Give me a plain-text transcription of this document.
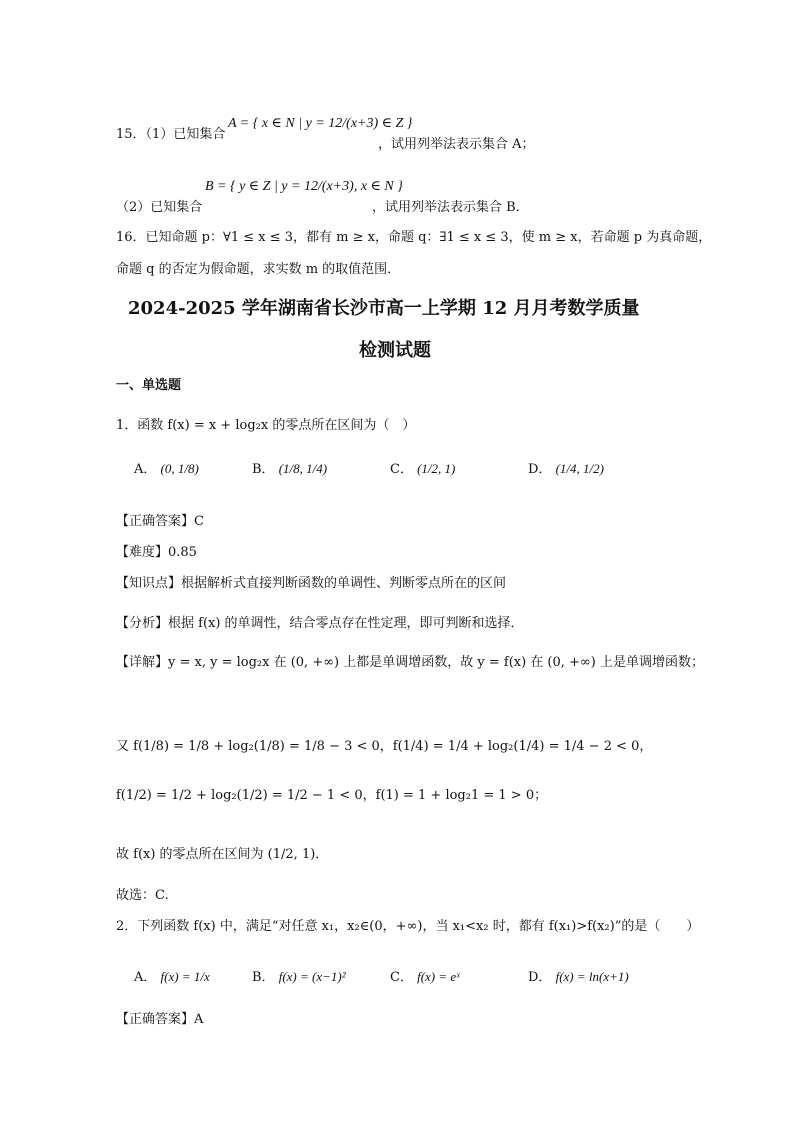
15．（1）已知集合
A = { x ∈ N | y = 12/(x+3) ∈ Z }
，试用列举法表示集合 A；
（2）已知集合
B = { y ∈ Z | y = 12/(x+3), x ∈ N }
，试用列举法表示集合 B．
16．已知命题 p：∀1 ≤ x ≤ 3，都有 m ≥ x，命题 q：∃1 ≤ x ≤ 3，使 m ≥ x，若命题 p 为真命题，
命题 q 的否定为假命题，求实数 m 的取值范围．
2024-2025 学年湖南省长沙市高一上学期 12 月月考数学质量
检测试题
一、单选题
1．函数 f(x) = x + log₂x 的零点所在区间为（　）
A． (0, 1/8)	B． (1/8, 1/4)	C． (1/2, 1)	D． (1/4, 1/2)
【正确答案】C
【难度】0.85
【知识点】根据解析式直接判断函数的单调性、判断零点所在的区间
【分析】根据 f(x) 的单调性，结合零点存在性定理，即可判断和选择．
【详解】y = x, y = log₂x 在 (0, +∞) 上都是单调增函数，故 y = f(x) 在 (0, +∞) 上是单调增函数；
又 f(1/8) = 1/8 + log₂(1/8) = 1/8 − 3 < 0，f(1/4) = 1/4 + log₂(1/4) = 1/4 − 2 < 0，
f(1/2) = 1/2 + log₂(1/2) = 1/2 − 1 < 0，f(1) = 1 + log₂1 = 1 > 0；
故 f(x) 的零点所在区间为 (1/2, 1)．
故选：C.
2．下列函数 f(x) 中，满足“对任意 x₁，x₂∈(0，+∞)，当 x₁<x₂ 时，都有 f(x₁)>f(x₂)”的是（　　）
A． f(x) = 1/x	B． f(x) = (x−1)²	C． f(x) = eˣ	D． f(x) = ln(x+1)
【正确答案】A
